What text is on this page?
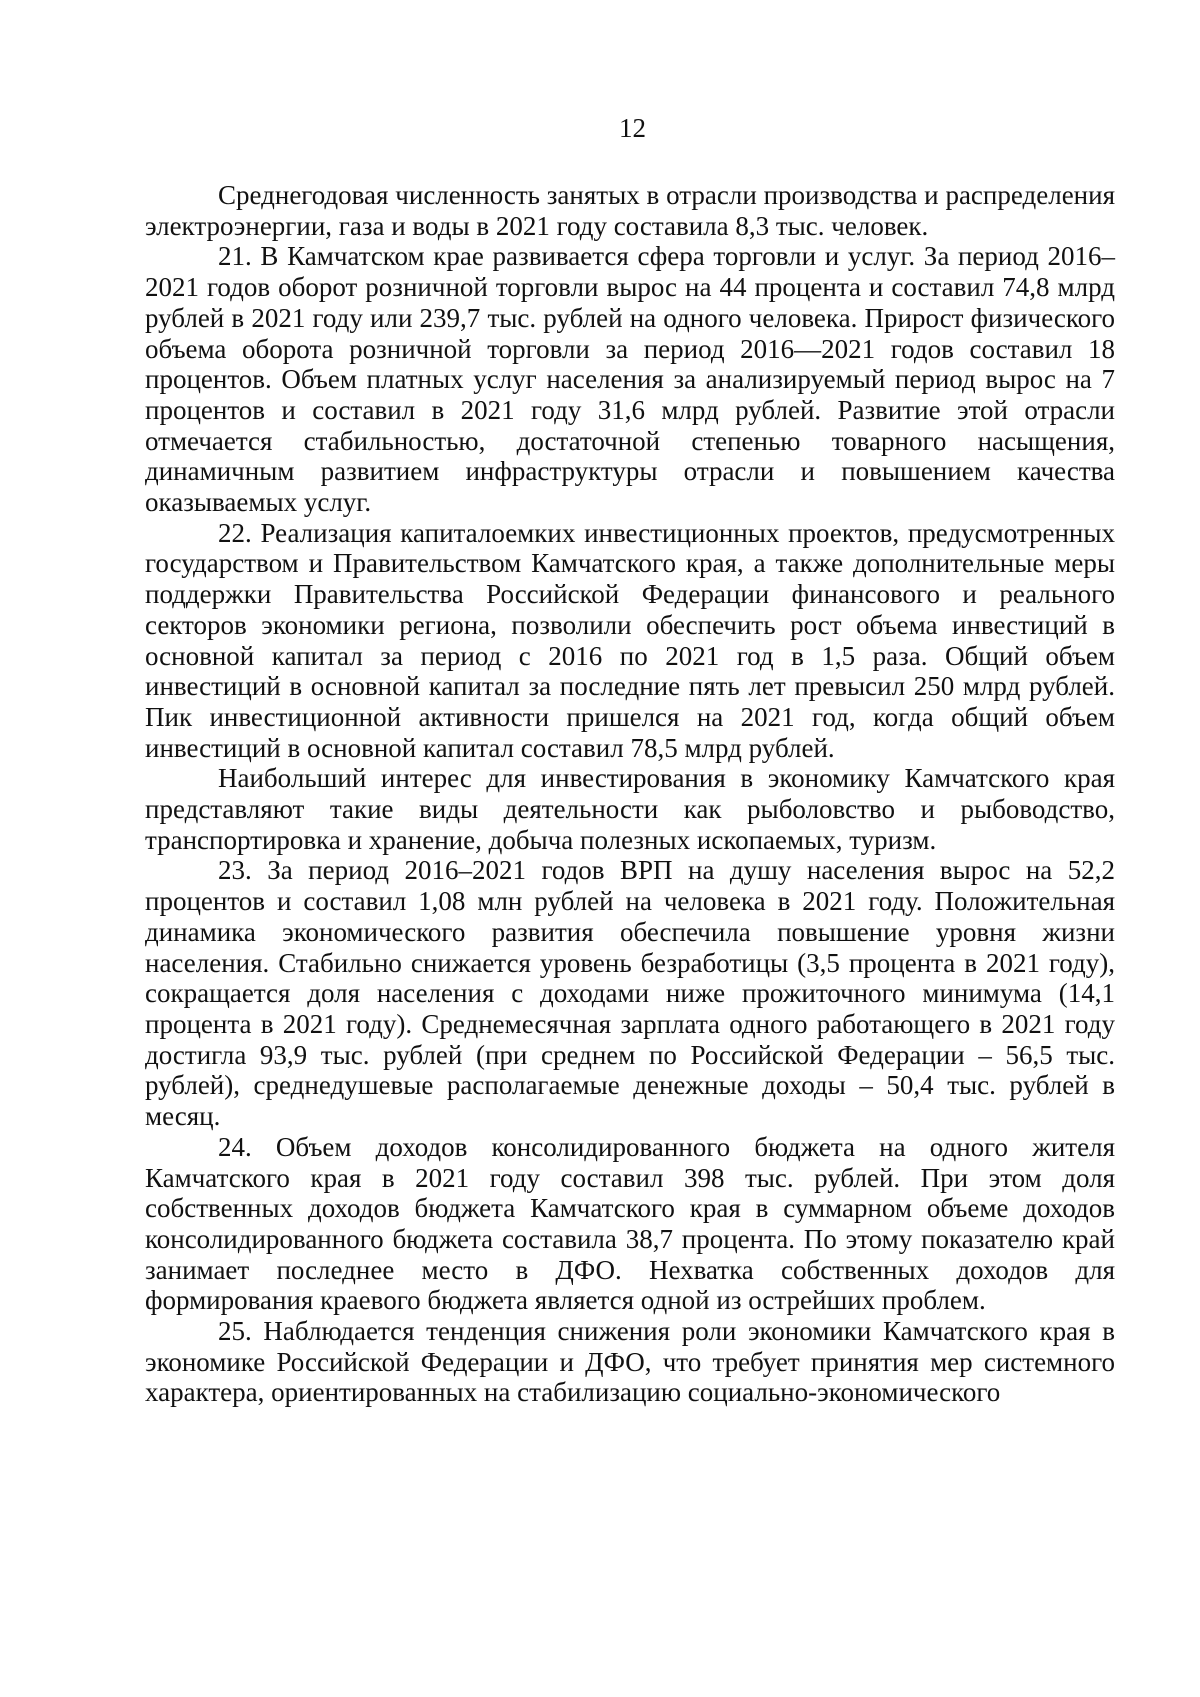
12

Среднегодовая численность занятых в отрасли производства и распределения электроэнергии, газа и воды в 2021 году составила 8,3 тыс. человек.

21. В Камчатском крае развивается сфера торговли и услуг. За период 2016–2021 годов оборот розничной торговли вырос на 44 процента и составил 74,8 млрд рублей в 2021 году или 239,7 тыс. рублей на одного человека. Прирост физического объема оборота розничной торговли за период 2016—2021 годов составил 18 процентов. Объем платных услуг населения за анализируемый период вырос на 7 процентов и составил в 2021 году 31,6 млрд рублей. Развитие этой отрасли отмечается стабильностью, достаточной степенью товарного насыщения, динамичным развитием инфраструктуры отрасли и повышением качества оказываемых услуг.

22. Реализация капиталоемких инвестиционных проектов, предусмотренных государством и Правительством Камчатского края, а также дополнительные меры поддержки Правительства Российской Федерации финансового и реального секторов экономики региона, позволили обеспечить рост объема инвестиций в основной капитал за период с 2016 по 2021 год в 1,5 раза. Общий объем инвестиций в основной капитал за последние пять лет превысил 250 млрд рублей. Пик инвестиционной активности пришелся на 2021 год, когда общий объем инвестиций в основной капитал составил 78,5 млрд рублей.

Наибольший интерес для инвестирования в экономику Камчатского края представляют такие виды деятельности как рыболовство и рыбоводство, транспортировка и хранение, добыча полезных ископаемых, туризм.

23. За период 2016–2021 годов ВРП на душу населения вырос на 52,2 процентов и составил 1,08 млн рублей на человека в 2021 году. Положительная динамика экономического развития обеспечила повышение уровня жизни населения. Стабильно снижается уровень безработицы (3,5 процента в 2021 году), сокращается доля населения с доходами ниже прожиточного минимума (14,1 процента в 2021 году). Среднемесячная зарплата одного работающего в 2021 году достигла 93,9 тыс. рублей (при среднем по Российской Федерации – 56,5 тыс. рублей), среднедушевые располагаемые денежные доходы – 50,4 тыс. рублей в месяц.

24. Объем доходов консолидированного бюджета на одного жителя Камчатского края в 2021 году составил 398 тыс. рублей. При этом доля собственных доходов бюджета Камчатского края в суммарном объеме доходов консолидированного бюджета составила 38,7 процента. По этому показателю край занимает последнее место в ДФО. Нехватка собственных доходов для формирования краевого бюджета является одной из острейших проблем.

25. Наблюдается тенденция снижения роли экономики Камчатского края в экономике Российской Федерации и ДФО, что требует принятия мер системного характера, ориентированных на стабилизацию социально-экономического
